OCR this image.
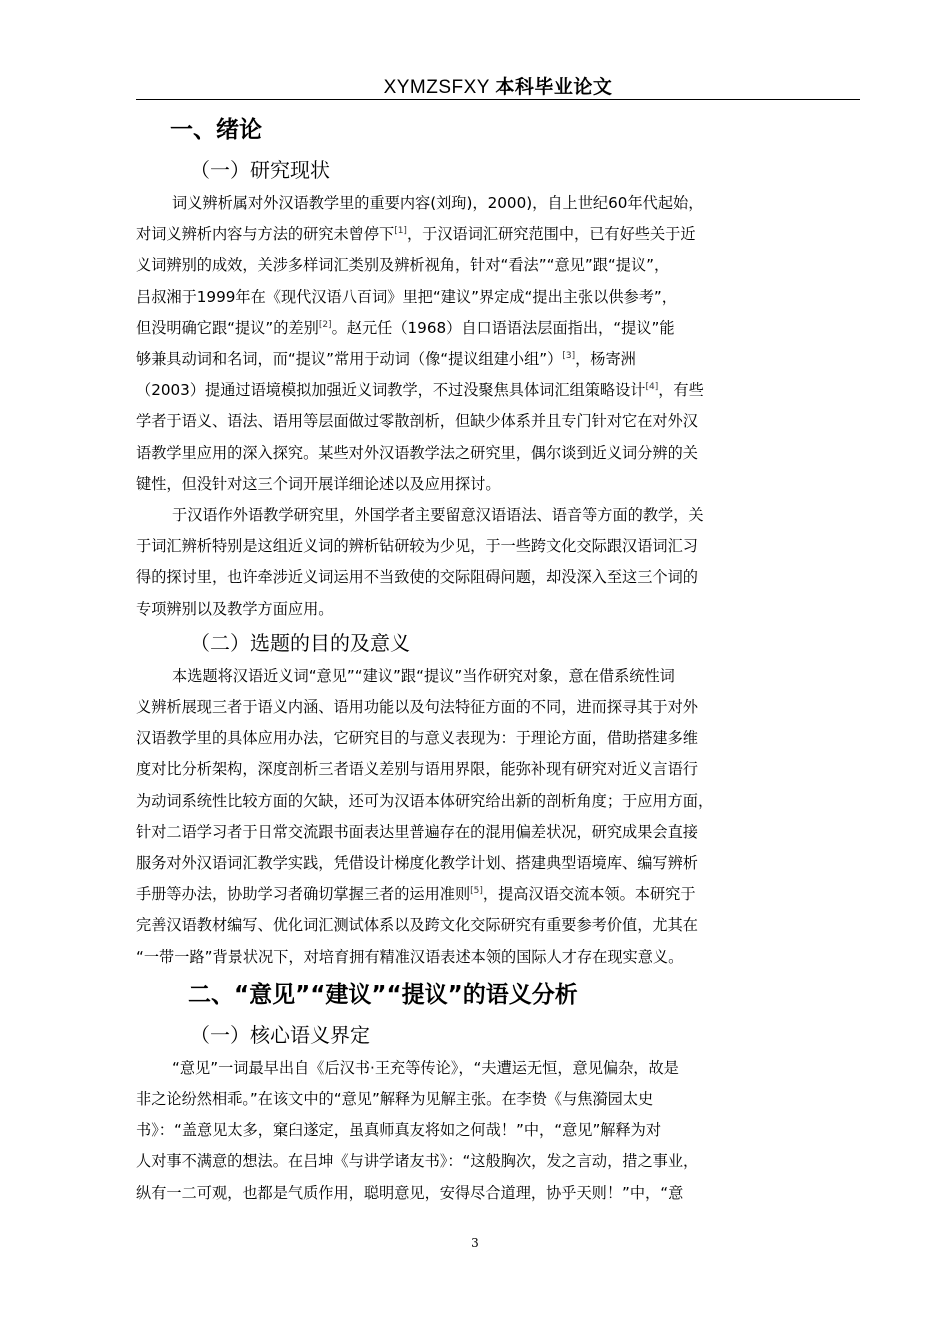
XYMZSFXY 本科毕业论文
一、绪论
（一）研究现状
词义辨析属对外汉语教学里的重要内容(刘珣)，2000)，自上世纪60年代起始，
对词义辨析内容与方法的研究未曾停下[1]，于汉语词汇研究范围中，已有好些关于近
义词辨别的成效，关涉多样词汇类别及辨析视角，针对“看法”“意见”跟“提议”，
吕叔湘于1999年在《现代汉语八百词》里把“建议”界定成“提出主张以供参考”，
但没明确它跟“提议”的差别[2]。赵元任（1968）自口语语法层面指出，“提议”能
够兼具动词和名词，而“提议”常用于动词（像“提议组建小组”）[3]，杨寄洲
（2003）提通过语境模拟加强近义词教学，不过没聚焦具体词汇组策略设计[4]，有些
学者于语义、语法、语用等层面做过零散剖析，但缺少体系并且专门针对它在对外汉
语教学里应用的深入探究。某些对外汉语教学法之研究里，偶尔谈到近义词分辨的关
键性，但没针对这三个词开展详细论述以及应用探讨。
于汉语作外语教学研究里，外国学者主要留意汉语语法、语音等方面的教学，关
于词汇辨析特别是这组近义词的辨析钻研较为少见，于一些跨文化交际跟汉语词汇习
得的探讨里，也许牵涉近义词运用不当致使的交际阻碍问题，却没深入至这三个词的
专项辨别以及教学方面应用。
（二）选题的目的及意义
本选题将汉语近义词“意见”“建议”跟“提议”当作研究对象，意在借系统性词
义辨析展现三者于语义内涵、语用功能以及句法特征方面的不同，进而探寻其于对外
汉语教学里的具体应用办法，它研究目的与意义表现为：于理论方面，借助搭建多维
度对比分析架构，深度剖析三者语义差别与语用界限，能弥补现有研究对近义言语行
为动词系统性比较方面的欠缺，还可为汉语本体研究给出新的剖析角度；于应用方面，
针对二语学习者于日常交流跟书面表达里普遍存在的混用偏差状况，研究成果会直接
服务对外汉语词汇教学实践，凭借设计梯度化教学计划、搭建典型语境库、编写辨析
手册等办法，协助学习者确切掌握三者的运用准则[5]，提高汉语交流本领。本研究于
完善汉语教材编写、优化词汇测试体系以及跨文化交际研究有重要参考价值，尤其在
“一带一路”背景状况下，对培育拥有精准汉语表述本领的国际人才存在现实意义。
二、“意见”“建议”“提议”的语义分析
（一）核心语义界定
“意见”一词最早出自《后汉书·王充等传论》，“夫遭运无恒，意见偏杂，故是
非之论纷然相乖。”在该文中的“意见”解释为见解主张。在李贽《与焦漪园太史
书》：“盖意见太多，窠臼遂定，虽真师真友将如之何哉！”中，“意见”解释为对
人对事不满意的想法。在吕坤《与讲学诸友书》：“这般胸次，发之言动，措之事业，
纵有一二可观，也都是气质作用，聪明意见，安得尽合道理，协乎天则！”中，“意
3
